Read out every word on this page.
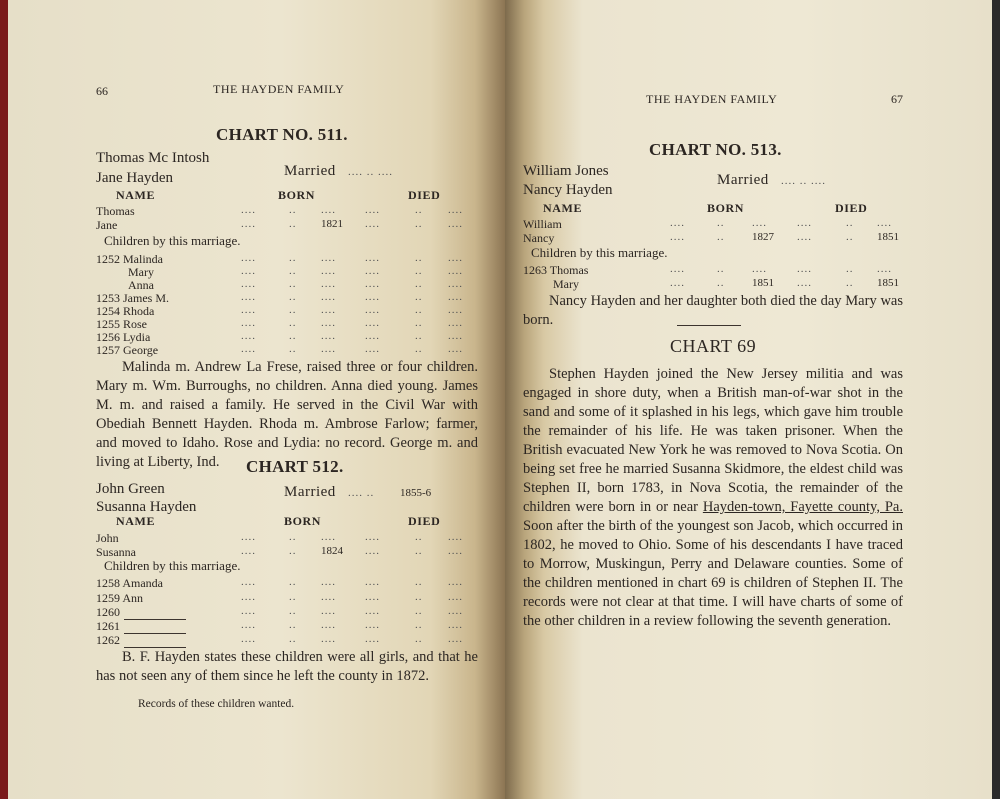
66	THE HAYDEN FAMILY
CHART NO. 511.
Thomas Mc Intosh
Jane Hayden	Married .... .. ....
NAME	BORN	DIED
Thomas	....	.. ....	....	.. ....
Jane	....	.. 1821 ....	.. ....
Children by this marriage.
1252 Malinda	....	.. ....	....	.. ....
Mary	....	.. ....	....	.. ....
Anna	....	.. ....	....	.. ....
1253 James M.	....	.. ....	....	.. ....
1254 Rhoda	....	.. ....	....	.. ....
1255 Rose	....	.. ....	....	.. ....
1256 Lydia	....	.. ....	....	.. ....
1257 George	....	.. ....	....	.. ....
Malinda m. Andrew La Frese, raised three or four children. Mary m. Wm. Burroughs, no children. Anna died young. James M. m. and raised a family. He served in the Civil War with Obediah Bennett Hayden. Rhoda m. Ambrose Farlow; farmer, and moved to Idaho. Rose and Lydia: no record. George m. and living at Liberty, Ind.	CHART 512.
John Green
Susanna Hayden
Married .... .. 1855-6
NAME	BORN	DIED
John	....	.. ....	....	.. ....
Susanna	....	.. 1824 ....	.. ....
Children by this marriage.
1258 Amanda	....	.. ....	....	.. ....
1259 Ann	....	.. ....	....	.. ....
1260	....	.. ....	....	.. ....
1261	....	.. ....	....	.. ....
1262	....	.. ....	....	.. ....
B. F. Hayden states these children were all girls, and that he has not seen any of them since he left the county in 1872.
Records of these children wanted.
THE HAYDEN FAMILY	67
CHART NO. 513.
William Jones
Nancy Hayden
Married .... .. ....
NAME	BORN	DIED
William	....	..	....	....	.. ....
Nancy	....	..	1827 ....	.. 1851
Children by this marriage.
1263 Thomas	....	..	....	....	.. ....
Mary	....	..	1851 ....	.. 1851
Nancy Hayden and her daughter both died the day Mary was born.
CHART 69
Stephen Hayden joined the New Jersey militia and was engaged in shore duty, when a British man-of-war shot in the sand and some of it splashed in his legs, which gave him trouble the remainder of his life. He was taken prisoner. When the British evacuated New York he was removed to Nova Scotia. On being set free he married Susanna Skidmore, the eldest child was Stephen II, born 1783, in Nova Scotia, the remainder of the children were born in or near Hayden-town, Fayette county, Pa. Soon after the birth of the youngest son Jacob, which occurred in 1802, he moved to Ohio. Some of his descendants I have traced to Morrow, Muskingun, Perry and Delaware counties. Some of the children mentioned in chart 69 is children of Stephen II. The records were not clear at that time. I will have charts of some of the other children in a review following the seventh generation.
